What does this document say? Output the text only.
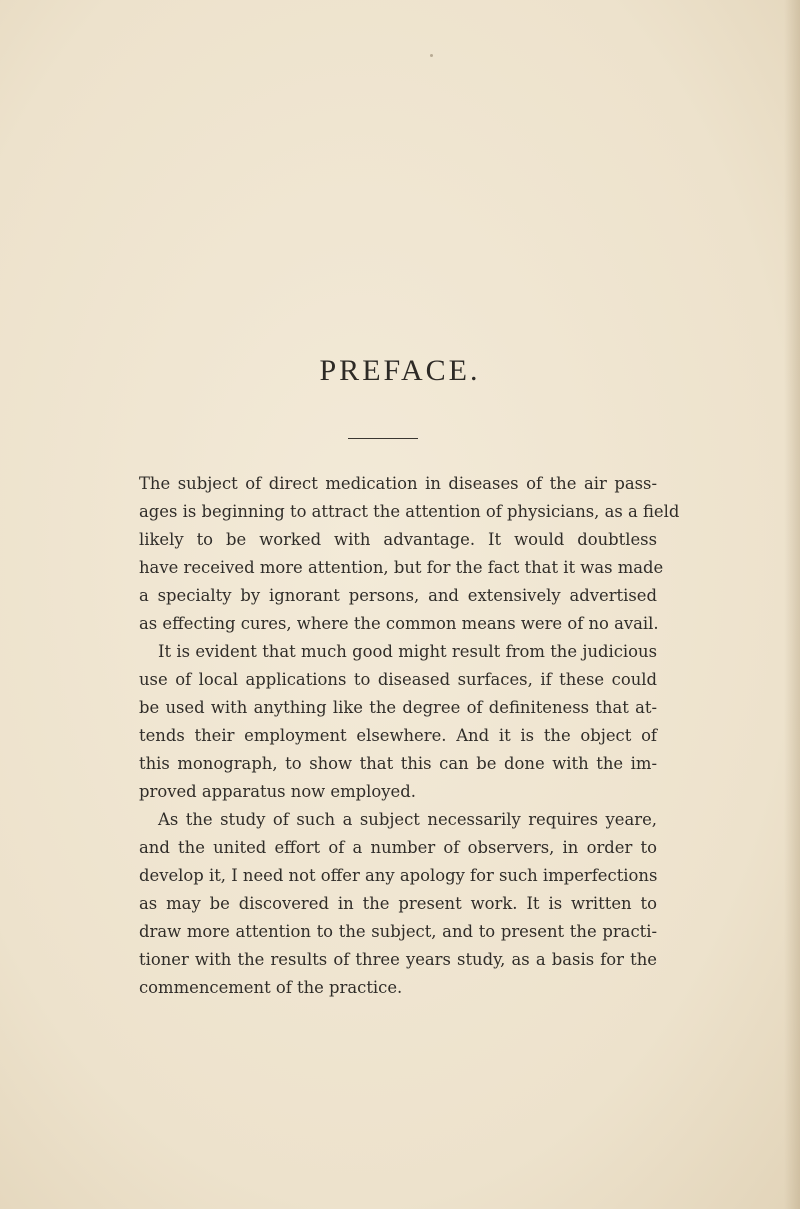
PREFACE.
The subject of direct medication in diseases of the air pass-
ages is beginning to attract the attention of physicians, as a field
likely to be worked with advantage. It would doubtless
have received more attention, but for the fact that it was made
a specialty by ignorant persons, and extensively advertised
as effecting cures, where the common means were of no avail.
It is evident that much good might result from the judicious
use of local applications to diseased surfaces, if these could
be used with anything like the degree of definiteness that at-
tends their employment elsewhere. And it is the object of
this monograph, to show that this can be done with the im-
proved apparatus now employed.
As the study of such a subject necessarily requires yeare,
and the united effort of a number of observers, in order to
develop it, I need not offer any apology for such imperfections
as may be discovered in the present work. It is written to
draw more attention to the subject, and to present the practi-
tioner with the results of three years study, as a basis for the
commencement of the practice.
